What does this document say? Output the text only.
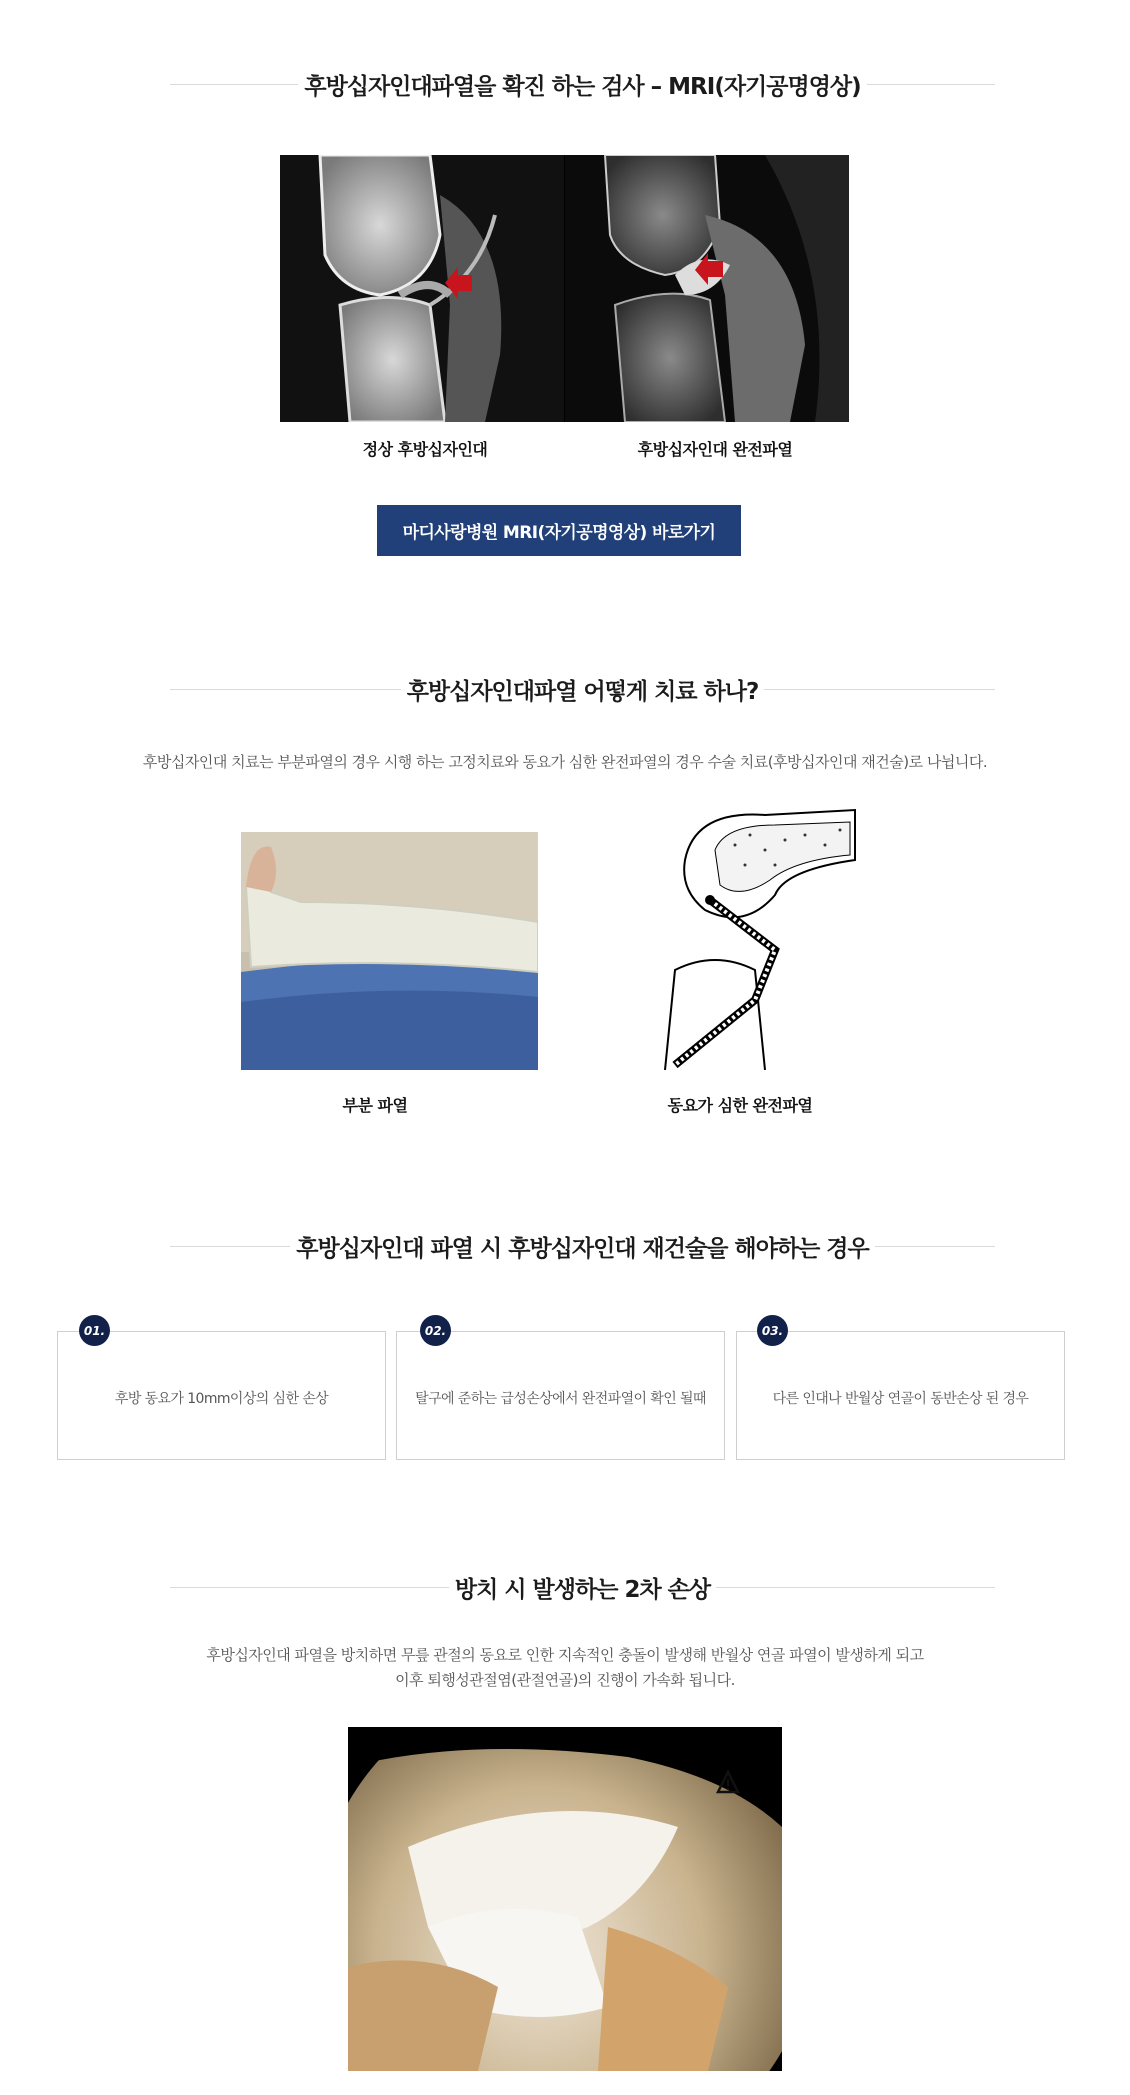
후방십자인대파열을 확진 하는 검사 – MRI(자기공명영상)
정상 후방십자인대	후방십자인대 완전파열
마디사랑병원 MRI(자기공명영상) 바로가기
후방십자인대파열 어떻게 치료 하나?
후방십자인대 치료는 부분파열의 경우 시행 하는 고정치료와 동요가 심한 완전파열의 경우 수술 치료(후방십자인대 재건술)로 나뉩니다.
부분 파열	동요가 심한 완전파열
후방십자인대 파열 시 후방십자인대 재건술을 해야하는 경우
후방 동요가 10mm이상의 심한 손상
01.
탈구에 준하는 급성손상에서 완전파열이 확인 될때
02.
다른 인대나 반월상 연골이 동반손상 된 경우
03.
방치 시 발생하는 2차 손상
후방십자인대 파열을 방치하면 무릎 관절의 동요로 인한 지속적인 충돌이 발생해 반월상 연골 파열이 발생하게 되고
이후 퇴행성관절염(관절연골)의 진행이 가속화 됩니다.
